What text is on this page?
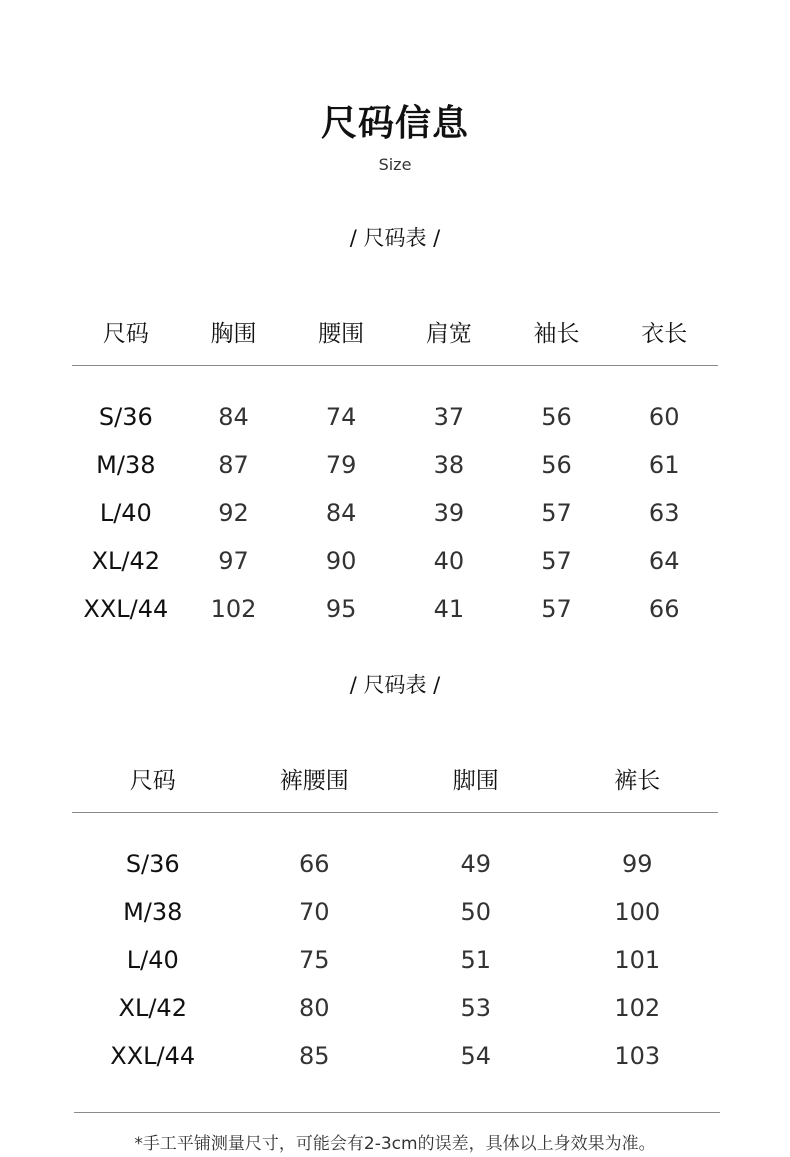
尺码信息
Size
/ 尺码表 /
尺码	胸围	腰围	肩宽	袖长	衣长
S/36	84	74	37	56	60
M/38	87	79	38	56	61
L/40	92	84	39	57	63
XL/42	97	90	40	57	64
XXL/44	102	95	41	57	66
/ 尺码表 /
尺码	裤腰围	脚围	裤长
S/36	66	49	99
M/38	70	50	100
L/40	75	51	101
XL/42	80	53	102
XXL/44	85	54	103
*手工平铺测量尺寸，可能会有2-3cm的误差，具体以上身效果为准。
